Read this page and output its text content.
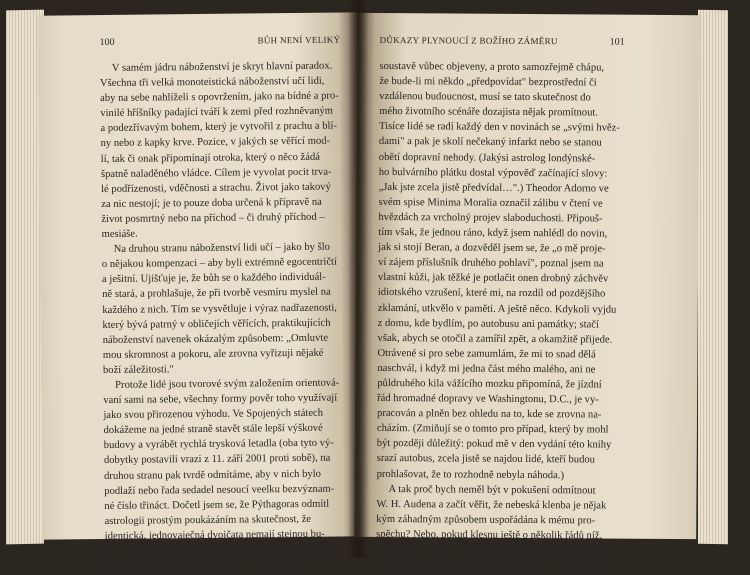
100	BŮH NENÍ VELIKÝ
V samém jádru náboženství je skryt hlavní paradox.
Všechna tři velká monoteistická náboženství učí lidi,
aby na sebe nahlíželi s opovržením, jako na bídné a pro-
vinilé hříšníky padající tváří k zemi před rozhněvaným
a podezřívavým bohem, který je vytvořil z prachu a blí-
ny nebo z kapky krve. Pozice, v jakých se věřící mod-
lí, tak či onak připomínají otroka, který o něco žádá
špatně naladěného vládce. Cílem je vyvolat pocit trva-
lé podřízenosti, vděčnosti a strachu. Život jako takový
za nic nestojí; je to pouze doba určená k přípravě na
život posmrtný nebo na příchod – či druhý příchod –
mesiáše.
Na druhou stranu náboženství lidi učí – jako by šlo
o nějakou kompenzaci – aby byli extrémně egocentričtí
a ješitní. Ujišťuje je, že bůh se o každého individuál-
ně stará, a prohlašuje, že při tvorbě vesmíru myslel na
každého z nich. Tím se vysvětluje i výraz nadřazenosti,
který bývá patrný v obličejích věřících, praktikujících
náboženství navenek okázalým způsobem: „Omluvte
mou skromnost a pokoru, ale zrovna vyřizuji nějaké
boží záležitosti."
Protože lidé jsou tvorové svým založením orientová-
vaní sami na sebe, všechny formy pověr toho využívají
jako svou přirozenou výhodu. Ve Spojených státech
dokážeme na jedné straně stavět stále lepší výškové
budovy a vyrábět rychlá trysková letadla (oba tyto vý-
dobytky postavili vrazi z 11. září 2001 proti sobě), na
druhou stranu pak tvrdě odmítáme, aby v nich bylo
podlaží nebo řada sedadel nesoucí veelku bezvýznam-
né číslo třináct. Dočetl jsem se, že Pýthagoras odmítl
astrologii prostým poukázáním na skutečnost, že
identická, jednovaječná dvojčata nemají stejnou bu-
doucnost. Tím také, že zvěrokruh byl nakreslen dávno
předtím, než byly některé planety v naší sluneční
DŮKAZY PLYNOUCÍ Z BOŽÍHO ZÁMĚRU	101
soustavě vůbec objeveny, a proto samozřejmě chápu,
že bude-li mi někdo „předpovídat" bezprostřední či
vzdálenou budoucnost, musí se tato skutečnost do
mého životního scénáře dozajista nějak promítnout.
Tisíce lidé se radí každý den v novinách se „svými hvěz-
dami" a pak je skolí nečekaný infarkt nebo se stanou
obětí dopravní nehody. (Jakýsi astrolog londýnské-
ho bulvárního plátku dostal výpověď začínající slovy:
„Jak jste zcela jistě předvídal…".) Theodor Adorno ve
svém spise Minima Moralia označil zálibu v čtení ve
hvězdách za vrcholný projev slaboduchosti. Připouš-
tím však, že jednou ráno, když jsem nahlédl do novin,
jak si stojí Beran, a dozvěděl jsem se, že „o mě proje-
ví zájem příslušník druhého pohlaví", poznal jsem na
vlastní kůži, jak těžké je potlačit onen drobný záchvěv
idiotského vzrušení, které mi, na rozdíl od pozdějšího
zklamání, utkvělo v paměti. A ještě něco. Kdykoli vyjdu
z domu, kde bydlím, po autobusu ani památky; stačí
však, abych se otočil a zamířil zpět, a okamžitě přijede.
Otrávené si pro sebe zamumlám, že mi to snad dělá
naschvál, i když mi jedna část mého malého, ani ne
půldruhého kila vážícího mozku připomíná, že jízdní
řád hromadné dopravy ve Washingtonu, D.C., je vy-
pracován a plněn bez ohledu na to, kde se zrovna na-
cházím. (Zmiňují se o tomto pro případ, který by mohl
být později důležitý: pokud mě v den vydání této knihy
srazí autobus, zcela jistě se najdou lidé, kteří budou
prohlašovat, že to rozhodně nebyla náhoda.)
A tak proč bych neměl být v pokušení odmítnout
W. H. Audena a začít věřit, že nebeská klenba je nějak
kým záhadným způsobem uspořádána k mému pro-
spěchu? Nebo, pokud klesnu ještě o několik řádů níž,
že vykyvy v mém životním osudu jsou předmětem ne-
utuchajícího zájmu Nejvyššího? Jedním z mnoha mých
